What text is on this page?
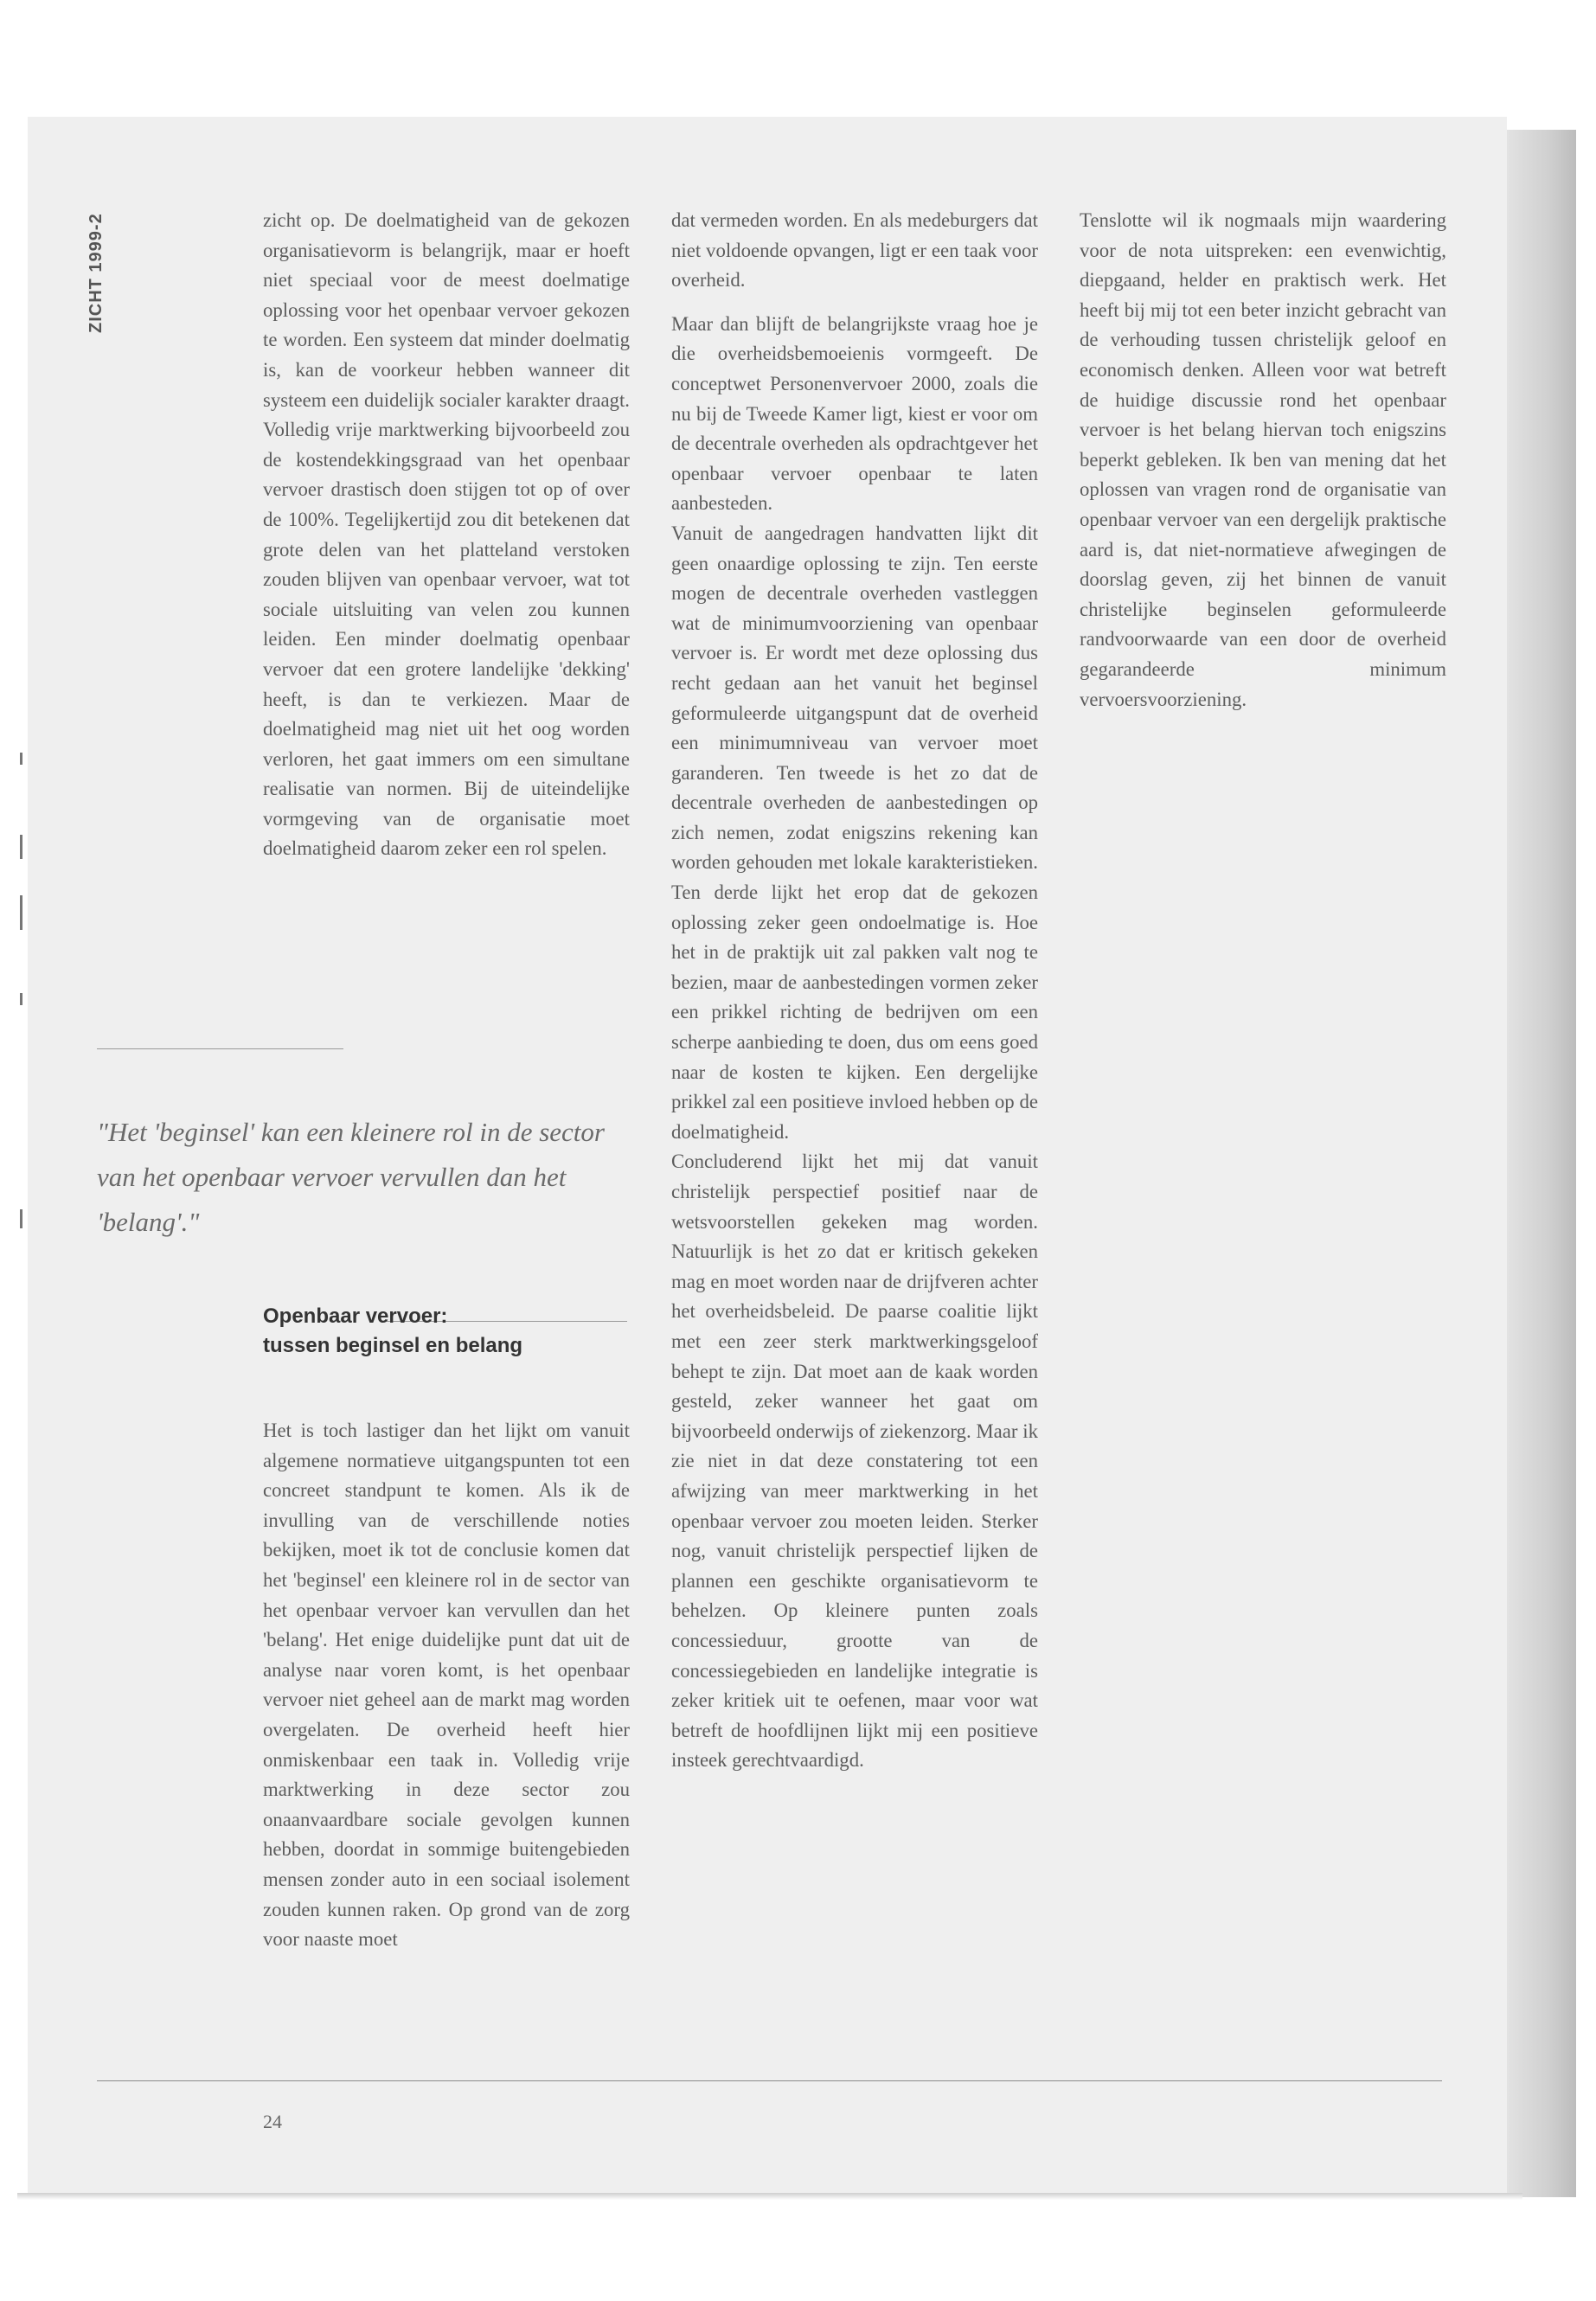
ZICHT 1999-2	zicht op. De doelmatigheid van de gekozen organisatievorm is belangrijk, maar er hoeft niet speciaal voor de meest doelmatige oplossing voor het openbaar vervoer gekozen te worden. Een systeem dat minder doelmatig is, kan de voorkeur hebben wanneer dit systeem een duidelijk socialer karakter draagt. Volledig vrije marktwerking bijvoorbeeld zou de kostendekkingsgraad van het openbaar vervoer drastisch doen stijgen tot op of over de 100%. Tegelijkertijd zou dit betekenen dat grote delen van het platteland verstoken zouden blijven van openbaar vervoer, wat tot sociale uitsluiting van velen zou kunnen leiden. Een minder doelmatig openbaar vervoer dat een grotere landelijke 'dekking' heeft, is dan te verkiezen. Maar de doelmatigheid mag niet uit het oog worden verloren, het gaat immers om een simultane realisatie van normen. Bij de uiteindelijke vormgeving van de organisatie moet doelmatigheid daarom zeker een rol spelen.

"Het 'beginsel' kan een kleinere rol in de sector van het openbaar vervoer vervullen dan het 'belang'."
Openbaar vervoer:
tussen beginsel en belang

Het is toch lastiger dan het lijkt om vanuit algemene normatieve uitgangspunten tot een concreet standpunt te komen. Als ik de invulling van de verschillende noties bekijken, moet ik tot de conclusie komen dat het 'beginsel' een kleinere rol in de sector van het openbaar vervoer kan vervullen dan het 'belang'. Het enige duidelijke punt dat uit de analyse naar voren komt, is het openbaar vervoer niet geheel aan de markt mag worden overgelaten. De overheid heeft hier onmiskenbaar een taak in. Volledig vrije marktwerking in deze sector zou onaanvaardbare sociale gevolgen kunnen hebben, doordat in sommige buitengebieden mensen zonder auto in een sociaal isolement zouden kunnen raken. Op grond van de zorg voor naaste moet

dat vermeden worden. En als medeburgers dat niet voldoende opvangen, ligt er een taak voor overheid.

Maar dan blijft de belangrijkste vraag hoe je die overheidsbemoeienis vormgeeft. De conceptwet Personenvervoer 2000, zoals die nu bij de Tweede Kamer ligt, kiest er voor om de decentrale overheden als opdrachtgever het openbaar vervoer openbaar te laten aanbesteden.

Vanuit de aangedragen handvatten lijkt dit geen onaardige oplossing te zijn. Ten eerste mogen de decentrale overheden vastleggen wat de minimumvoorziening van openbaar vervoer is. Er wordt met deze oplossing dus recht gedaan aan het vanuit het beginsel geformuleerde uitgangspunt dat de overheid een minimumniveau van vervoer moet garanderen. Ten tweede is het zo dat de decentrale overheden de aanbestedingen op zich nemen, zodat enigszins rekening kan worden gehouden met lokale karakteristieken. Ten derde lijkt het erop dat de gekozen oplossing zeker geen ondoelmatige is. Hoe het in de praktijk uit zal pakken valt nog te bezien, maar de aanbestedingen vormen zeker een prikkel richting de bedrijven om een scherpe aanbieding te doen, dus om eens goed naar de kosten te kijken. Een dergelijke prikkel zal een positieve invloed hebben op de doelmatigheid.

Concluderend lijkt het mij dat vanuit christelijk perspectief positief naar de wetsvoorstellen gekeken mag worden. Natuurlijk is het zo dat er kritisch gekeken mag en moet worden naar de drijfveren achter het overheidsbeleid. De paarse coalitie lijkt met een zeer sterk marktwerkingsgeloof behept te zijn. Dat moet aan de kaak worden gesteld, zeker wanneer het gaat om bijvoorbeeld onderwijs of ziekenzorg. Maar ik zie niet in dat deze constatering tot een afwijzing van meer marktwerking in het openbaar vervoer zou moeten leiden. Sterker nog, vanuit christelijk perspectief lijken de plannen een geschikte organisatievorm te behelzen. Op kleinere punten zoals concessieduur, grootte van de concessiegebieden en landelijke integratie is zeker kritiek uit te oefenen, maar voor wat betreft de hoofdlijnen lijkt mij een positieve insteek gerechtvaardigd.

Tenslotte wil ik nogmaals mijn waardering voor de nota uitspreken: een evenwichtig, diepgaand, helder en praktisch werk. Het heeft bij mij tot een beter inzicht gebracht van de verhouding tussen christelijk geloof en economisch denken. Alleen voor wat betreft de huidige discussie rond het openbaar vervoer is het belang hiervan toch enigszins beperkt gebleken. Ik ben van mening dat het oplossen van vragen rond de organisatie van openbaar vervoer van een dergelijk praktische aard is, dat niet-normatieve afwegingen de doorslag geven, zij het binnen de vanuit christelijke beginselen geformuleerde randvoorwaarde van een door de overheid gegarandeerde minimum vervoersvoorziening.

24
